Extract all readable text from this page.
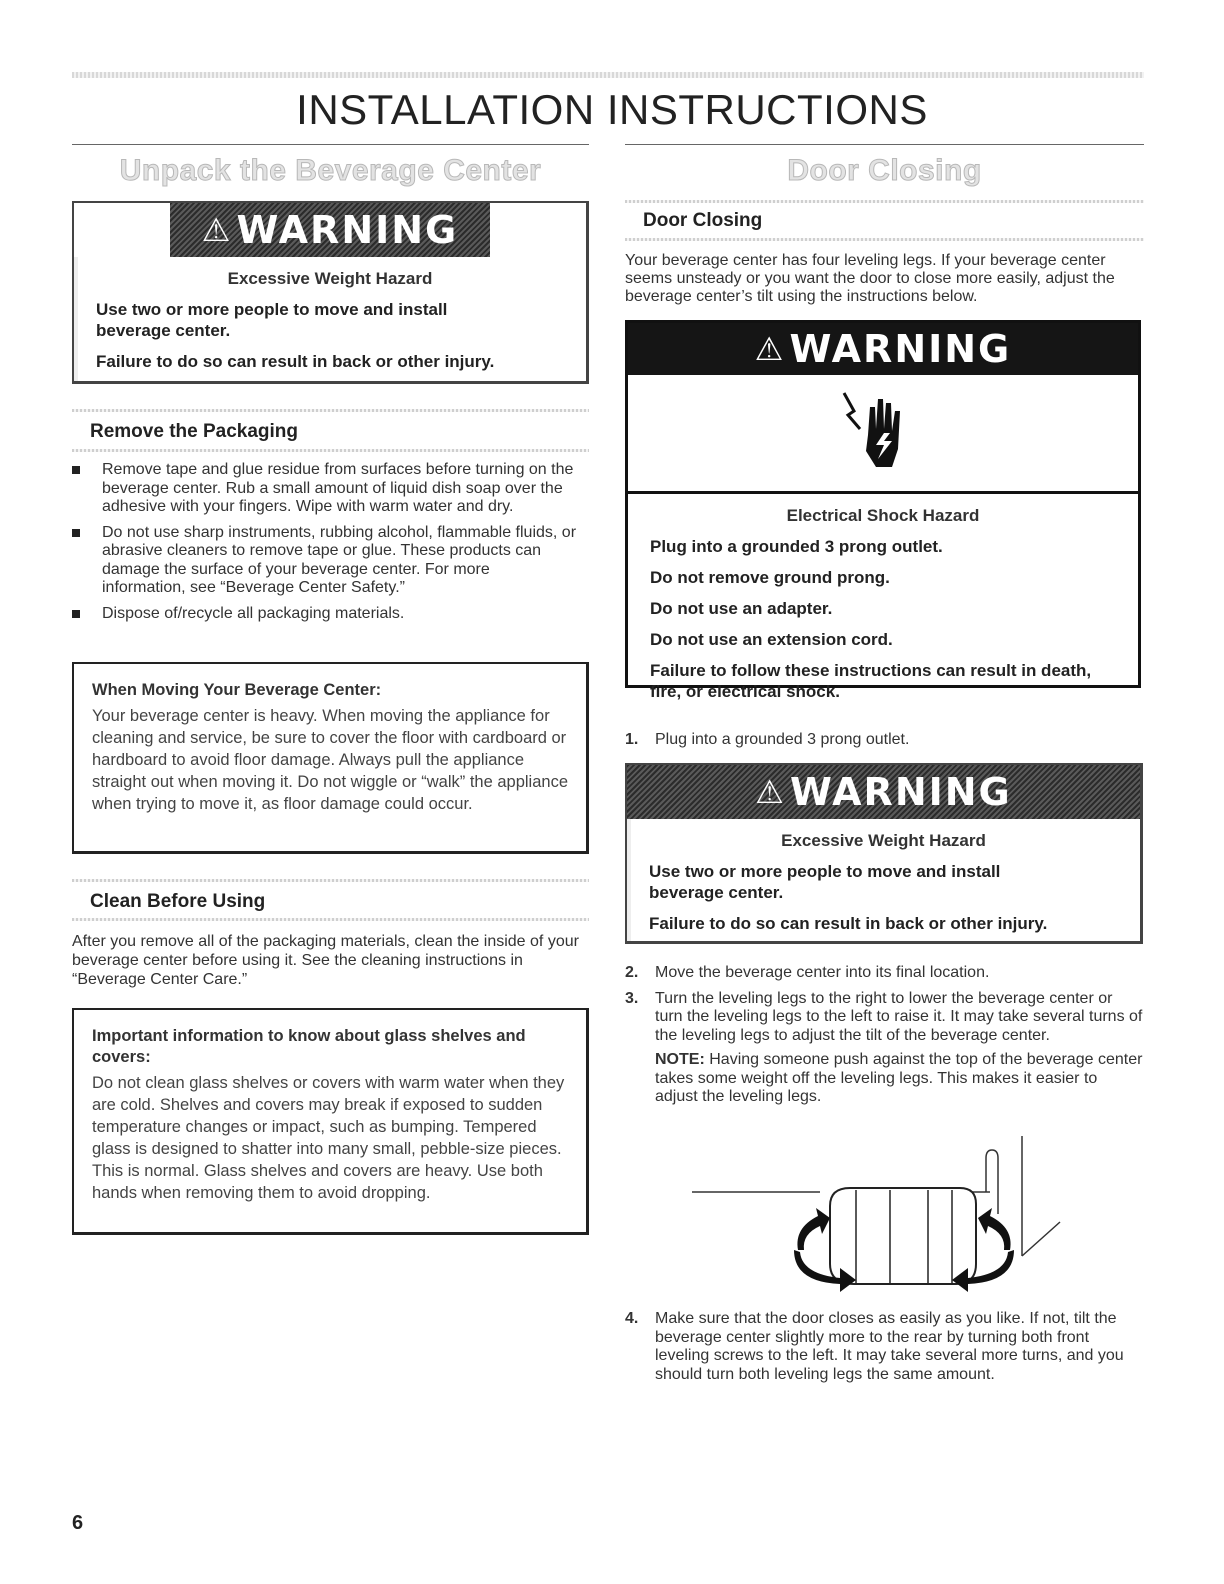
INSTALLATION INSTRUCTIONS
Unpack the Beverage Center
⚠ WARNING
Excessive Weight Hazard
Use two or more people to move and install beverage center.
Failure to do so can result in back or other injury.
Remove the Packaging
Remove tape and glue residue from surfaces before turning on the beverage center. Rub a small amount of liquid dish soap over the adhesive with your fingers. Wipe with warm water and dry.
Do not use sharp instruments, rubbing alcohol, flammable fluids, or abrasive cleaners to remove tape or glue. These products can damage the surface of your beverage center. For more information, see “Beverage Center Safety.”
Dispose of/recycle all packaging materials.
When Moving Your Beverage Center:
Your beverage center is heavy. When moving the appliance for cleaning and service, be sure to cover the floor with cardboard or hardboard to avoid floor damage. Always pull the appliance straight out when moving it. Do not wiggle or “walk” the appliance when trying to move it, as floor damage could occur.
Clean Before Using
After you remove all of the packaging materials, clean the inside of your beverage center before using it. See the cleaning instructions in “Beverage Center Care.”
Important information to know about glass shelves and covers:
Do not clean glass shelves or covers with warm water when they are cold. Shelves and covers may break if exposed to sudden temperature changes or impact, such as bumping. Tempered glass is designed to shatter into many small, pebble-size pieces. This is normal. Glass shelves and covers are heavy. Use both hands when removing them to avoid dropping.
Door Closing
Door Closing
Your beverage center has four leveling legs. If your beverage center seems unsteady or you want the door to close more easily, adjust the beverage center’s tilt using the instructions below.
⚠ WARNING
Electrical Shock Hazard
Plug into a grounded 3 prong outlet.
Do not remove ground prong.
Do not use an adapter.
Do not use an extension cord.
Failure to follow these instructions can result in death, fire, or electrical shock.
1. Plug into a grounded 3 prong outlet.
⚠ WARNING
Excessive Weight Hazard
Use two or more people to move and install beverage center.
Failure to do so can result in back or other injury.
2. Move the beverage center into its final location.
3. Turn the leveling legs to the right to lower the beverage center or turn the leveling legs to the left to raise it. It may take several turns of the leveling legs to adjust the tilt of the beverage center.
NOTE: Having someone push against the top of the beverage center takes some weight off the leveling legs. This makes it easier to adjust the leveling legs.
4. Make sure that the door closes as easily as you like. If not, tilt the beverage center slightly more to the rear by turning both front leveling screws to the left. It may take several more turns, and you should turn both leveling legs the same amount.
6
